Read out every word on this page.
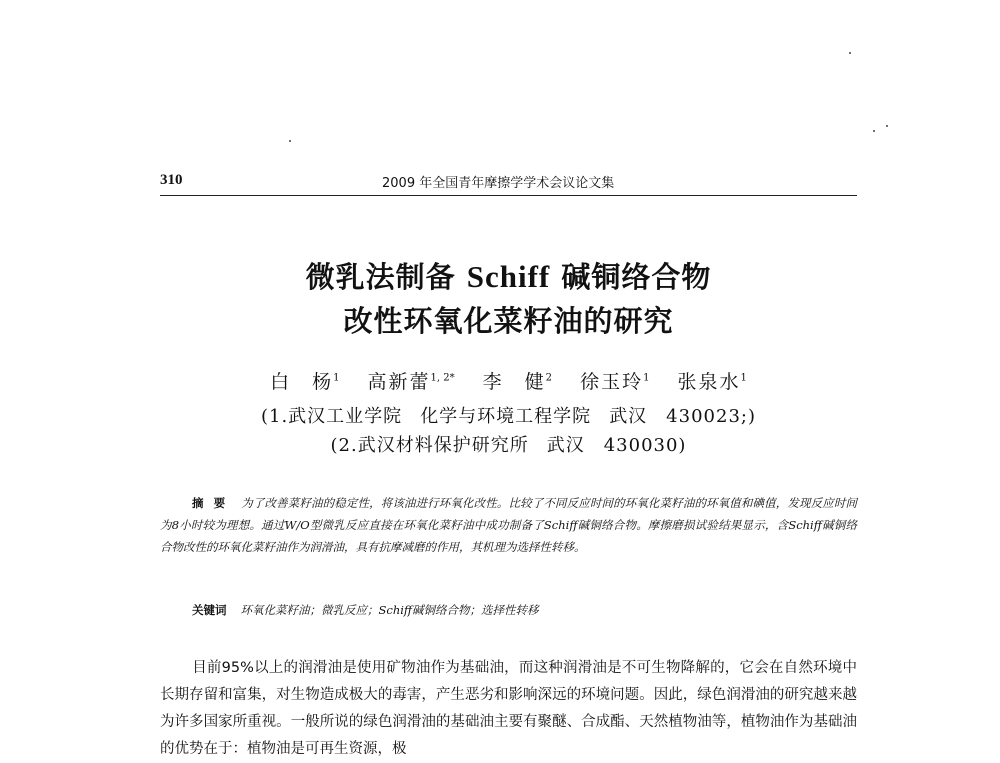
310	2009 年全国青年摩擦学学术会议论文集
微乳法制备 Schiff 碱铜络合物
改性环氧化菜籽油的研究
白　杨$^1$ 高新蕾$^{1, 2*}$ 李　健$^2$ 徐玉玲$^1$ 张泉水$^1$
(1.武汉工业学院 化学与环境工程学院 武汉　430023;)
(2.武汉材料保护研究所 武汉　430030)
摘要 为了改善菜籽油的稳定性，将该油进行环氧化改性。比较了不同反应时间的环氧化菜籽油的环氧值和碘值，发现反应时间为8小时较为理想。通过W/O型微乳反应直接在环氧化菜籽油中成功制备了Schiff碱铜络合物。摩擦磨损试验结果显示，含Schiff碱铜络合物改性的环氧化菜籽油作为润滑油，具有抗摩减磨的作用，其机理为选择性转移。
关键词 环氧化菜籽油；微乳反应；Schiff碱铜络合物；选择性转移
目前95%以上的润滑油是使用矿物油作为基础油，而这种润滑油是不可生物降解的，它会在自然环境中长期存留和富集，对生物造成极大的毒害，产生恶劣和影响深远的环境问题。因此，绿色润滑油的研究越来越为许多国家所重视。一般所说的绿色润滑油的基础油主要有聚醚、合成酯、天然植物油等，植物油作为基础油的优势在于：植物油是可再生资源，极
